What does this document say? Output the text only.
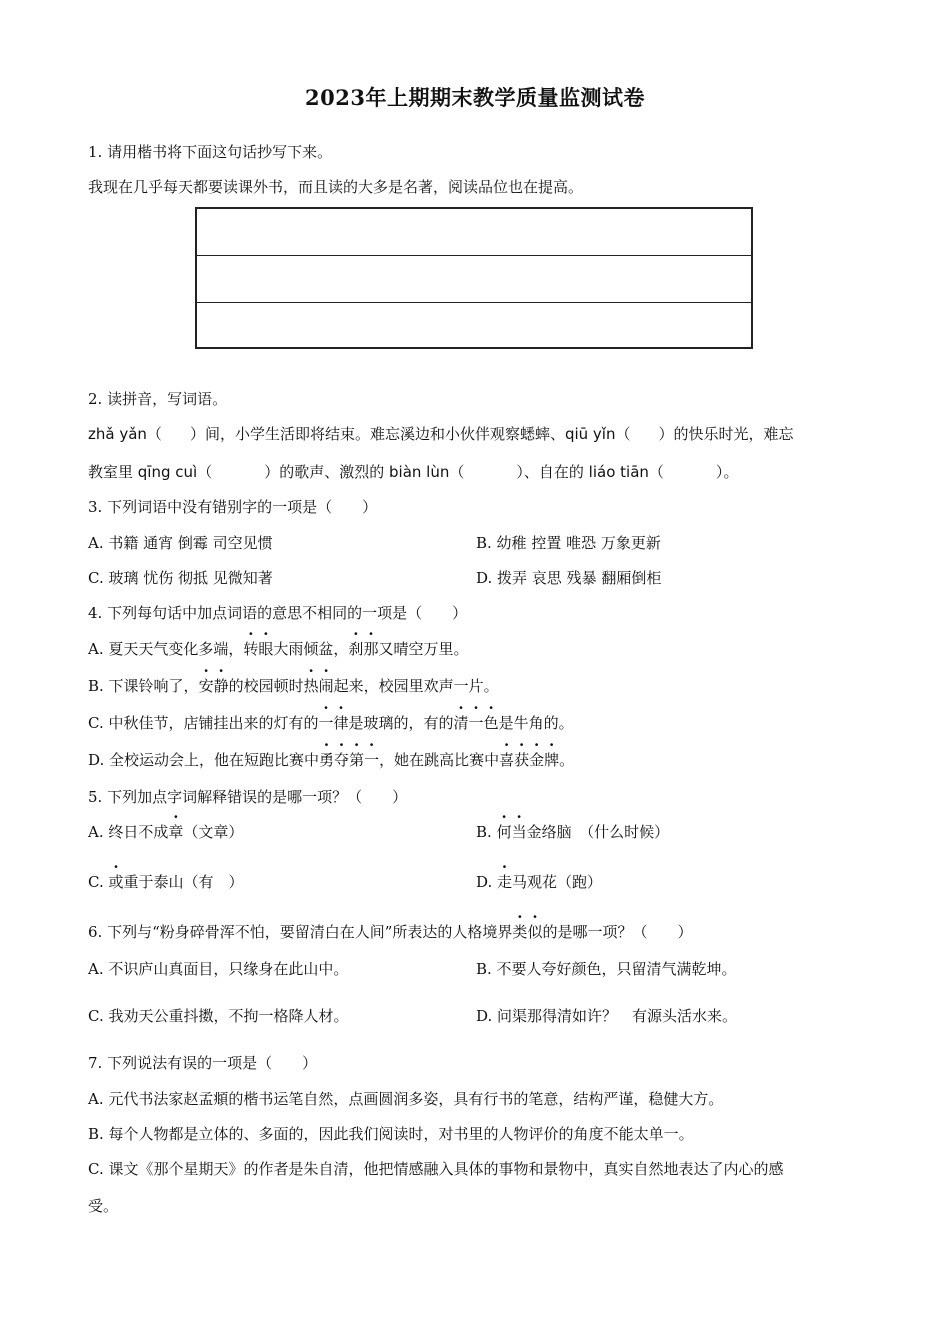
2023年上期期末教学质量监测试卷
1. 请用楷书将下面这句话抄写下来。
我现在几乎每天都要读课外书，而且读的大多是名著，阅读品位也在提高。
2. 读拼音，写词语。
zhǎ yǎn（ ）间，小学生活即将结束。难忘溪边和小伙伴观察蟋蟀、qiū yǐn（ ）的快乐时光，难忘
教室里 qīng cuì（	）的歌声、激烈的 biàn lùn（	）、自在的 liáo tiān（	）。
3. 下列词语中没有错别字的一项是（　　）
A. 书籍 通宵 倒霉 司空见惯	B. 幼稚 控置 唯恐 万象更新
C. 玻璃 忧伤 彻抵 见微知著	D. 拨弄 哀思 残暴 翻厢倒柜
4. 下列每句话中加点词语的意思不相同的一项是（　　）
A. 夏天天气变化多端，转眼大雨倾盆，刹那又晴空万里。
B. 下课铃响了，安静的校园顿时热闹起来，校园里欢声一片。
C. 中秋佳节，店铺挂出来的灯有的一律是玻璃的，有的清一色是牛角的。
D. 全校运动会上，他在短跑比赛中勇夺第一，她在跳高比赛中喜获金牌。
5. 下列加点字词解释错误的是哪一项？（　　）
A. 终日不成章（文章）	B. 何当金络脑　（什么时候）
C. 或重于泰山（有　）	D. 走马观花（跑）
6. 下列与“粉身碎骨浑不怕，要留清白在人间”所表达的人格境界类似的是哪一项？（　　）
A. 不识庐山真面目，只缘身在此山中。	B. 不要人夸好颜色，只留清气满乾坤。
C. 我劝天公重抖擞，不拘一格降人材。	D. 问渠那得清如许？　有源头活水来。
7. 下列说法有误的一项是（　　）
A. 元代书法家赵孟頫的楷书运笔自然，点画圆润多姿，具有行书的笔意，结构严谨，稳健大方。
B. 每个人物都是立体的、多面的，因此我们阅读时，对书里的人物评价的角度不能太单一。
C. 课文《那个星期天》的作者是朱自清，他把情感融入具体的事物和景物中，真实自然地表达了内心的感
受。
